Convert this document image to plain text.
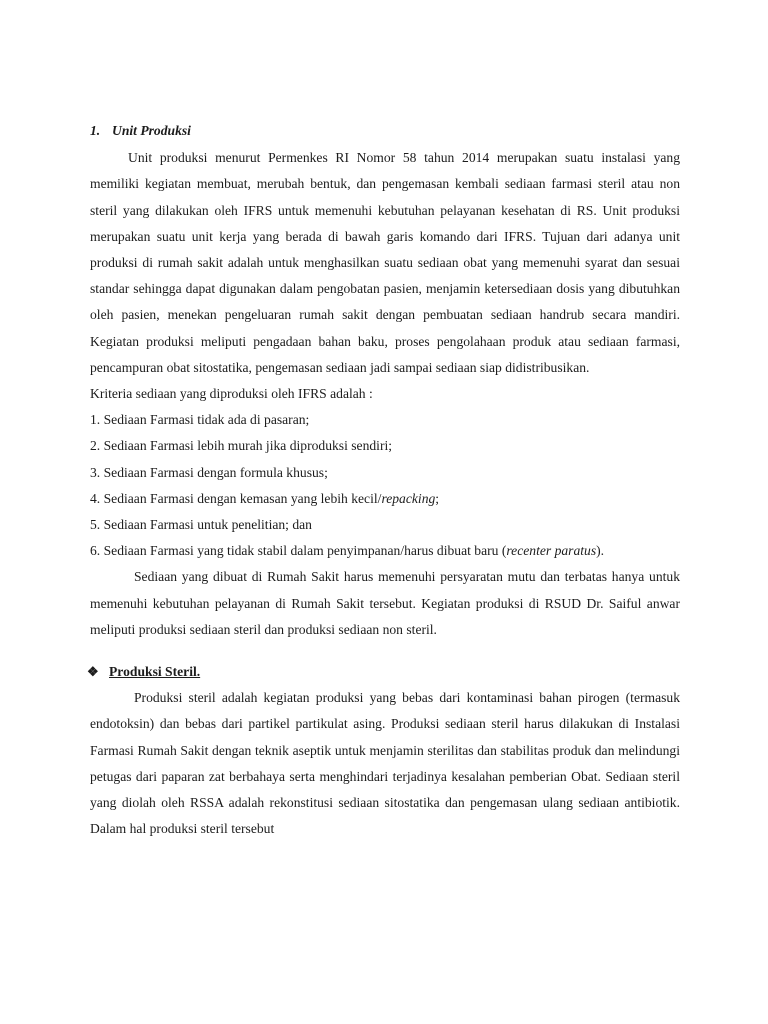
1. Unit Produksi

Unit produksi menurut Permenkes RI Nomor 58 tahun 2014 merupakan suatu instalasi yang memiliki kegiatan membuat, merubah bentuk, dan pengemasan kembali sediaan farmasi steril atau non steril yang dilakukan oleh IFRS untuk memenuhi kebutuhan pelayanan kesehatan di RS. Unit produksi merupakan suatu unit kerja yang berada di bawah garis komando dari IFRS. Tujuan dari adanya unit produksi di rumah sakit adalah untuk menghasilkan suatu sediaan obat yang memenuhi syarat dan sesuai standar sehingga dapat digunakan dalam pengobatan pasien, menjamin ketersediaan dosis yang dibutuhkan oleh pasien, menekan pengeluaran rumah sakit dengan pembuatan sediaan handrub secara mandiri. Kegiatan produksi meliputi pengadaan bahan baku, proses pengolahaan produk atau sediaan farmasi, pencampuran obat sitostatika, pengemasan sediaan jadi sampai sediaan siap didistribusikan.

Kriteria sediaan yang diproduksi oleh IFRS adalah :

1. Sediaan Farmasi tidak ada di pasaran;

2. Sediaan Farmasi lebih murah jika diproduksi sendiri;

3. Sediaan Farmasi dengan formula khusus;

4. Sediaan Farmasi dengan kemasan yang lebih kecil/repacking;

5. Sediaan Farmasi untuk penelitian; dan

6. Sediaan Farmasi yang tidak stabil dalam penyimpanan/harus dibuat baru (recenter paratus).

Sediaan yang dibuat di Rumah Sakit harus memenuhi persyaratan mutu dan terbatas hanya untuk memenuhi kebutuhan pelayanan di Rumah Sakit tersebut. Kegiatan produksi di RSUD Dr. Saiful anwar meliputi produksi sediaan steril dan produksi sediaan non steril.

❖ Produksi Steril.

Produksi steril adalah kegiatan produksi yang bebas dari kontaminasi bahan pirogen (termasuk endotoksin) dan bebas dari partikel partikulat asing. Produksi sediaan steril harus dilakukan di Instalasi Farmasi Rumah Sakit dengan teknik aseptik untuk menjamin sterilitas dan stabilitas produk dan melindungi petugas dari paparan zat berbahaya serta menghindari terjadinya kesalahan pemberian Obat. Sediaan steril yang diolah oleh RSSA adalah rekonstitusi sediaan sitostatika dan pengemasan ulang sediaan antibiotik. Dalam hal produksi steril tersebut
